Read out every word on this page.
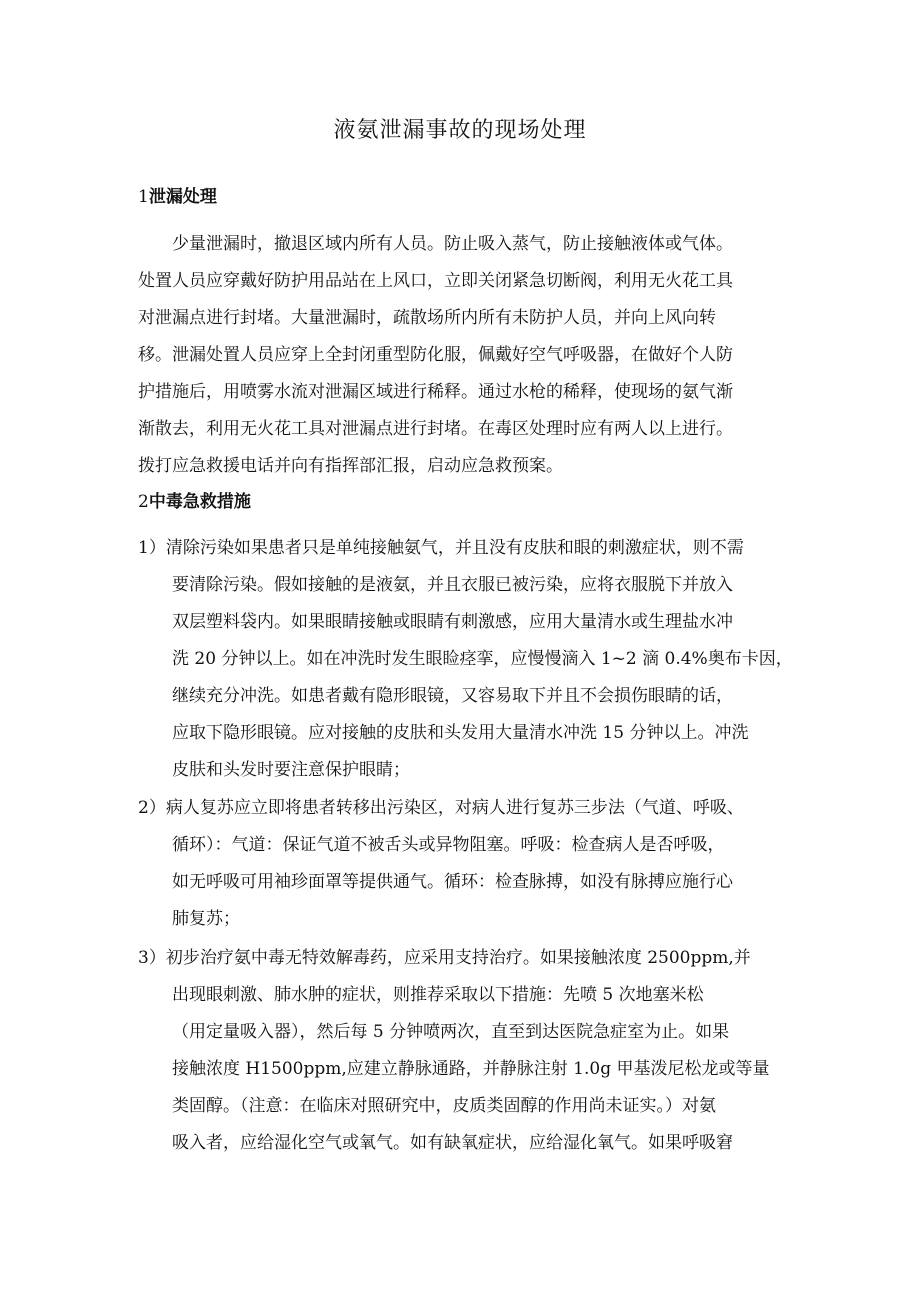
液氨泄漏事故的现场处理
1泄漏处理
少量泄漏时，撤退区域内所有人员。防止吸入蒸气，防止接触液体或气体。
处置人员应穿戴好防护用品站在上风口，立即关闭紧急切断阀，利用无火花工具
对泄漏点进行封堵。大量泄漏时，疏散场所内所有未防护人员，并向上风向转
移。泄漏处置人员应穿上全封闭重型防化服，佩戴好空气呼吸器，在做好个人防
护措施后，用喷雾水流对泄漏区域进行稀释。通过水枪的稀释，使现场的氨气渐
渐散去，利用无火花工具对泄漏点进行封堵。在毒区处理时应有两人以上进行。
拨打应急救援电话并向有指挥部汇报，启动应急救预案。
2中毒急救措施
1）清除污染如果患者只是单纯接触氨气，并且没有皮肤和眼的刺激症状，则不需
要清除污染。假如接触的是液氨，并且衣服已被污染，应将衣服脱下并放入
双层塑料袋内。如果眼睛接触或眼睛有刺激感，应用大量清水或生理盐水冲
洗 20 分钟以上。如在冲洗时发生眼睑痉挛，应慢慢滴入 1~2 滴 0.4%奥布卡因，
继续充分冲洗。如患者戴有隐形眼镜，又容易取下并且不会损伤眼睛的话，
应取下隐形眼镜。应对接触的皮肤和头发用大量清水冲洗 15 分钟以上。冲洗
皮肤和头发时要注意保护眼睛；
2）病人复苏应立即将患者转移出污染区，对病人进行复苏三步法（气道、呼吸、
循环）：气道：保证气道不被舌头或异物阻塞。呼吸：检查病人是否呼吸，
如无呼吸可用袖珍面罩等提供通气。循环：检查脉搏，如没有脉搏应施行心
肺复苏；
3）初步治疗氨中毒无特效解毒药，应采用支持治疗。如果接触浓度 2500ppm,并
出现眼刺激、肺水肿的症状，则推荐采取以下措施：先喷 5 次地塞米松
（用定量吸入器），然后每 5 分钟喷两次，直至到达医院急症室为止。如果
接触浓度 H1500ppm,应建立静脉通路，并静脉注射 1.0g 甲基泼尼松龙或等量
类固醇。（注意：在临床对照研究中，皮质类固醇的作用尚未证实。）对氨
吸入者，应给湿化空气或氧气。如有缺氧症状，应给湿化氧气。如果呼吸窘
